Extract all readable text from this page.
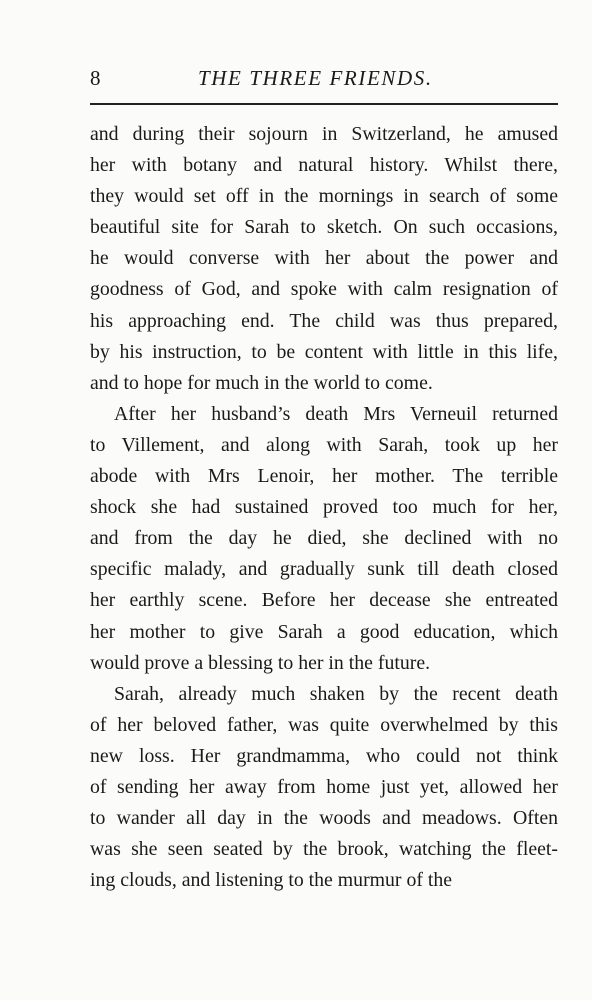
8	THE THREE FRIENDS.
and during their sojourn in Switzerland, he amused
her with botany and natural history. Whilst there,
they would set off in the mornings in search of some
beautiful site for Sarah to sketch. On such occasions,
he would converse with her about the power and
goodness of God, and spoke with calm resignation of
his approaching end. The child was thus prepared,
by his instruction, to be content with little in this life,
and to hope for much in the world to come.
After her husband’s death Mrs Verneuil returned
to Villement, and along with Sarah, took up her
abode with Mrs Lenoir, her mother. The terrible
shock she had sustained proved too much for her,
and from the day he died, she declined with no
specific malady, and gradually sunk till death closed
her earthly scene. Before her decease she entreated
her mother to give Sarah a good education, which
would prove a blessing to her in the future.
Sarah, already much shaken by the recent death
of her beloved father, was quite overwhelmed by this
new loss. Her grandmamma, who could not think
of sending her away from home just yet, allowed her
to wander all day in the woods and meadows. Often
was she seen seated by the brook, watching the fleet-
ing clouds, and listening to the murmur of the
